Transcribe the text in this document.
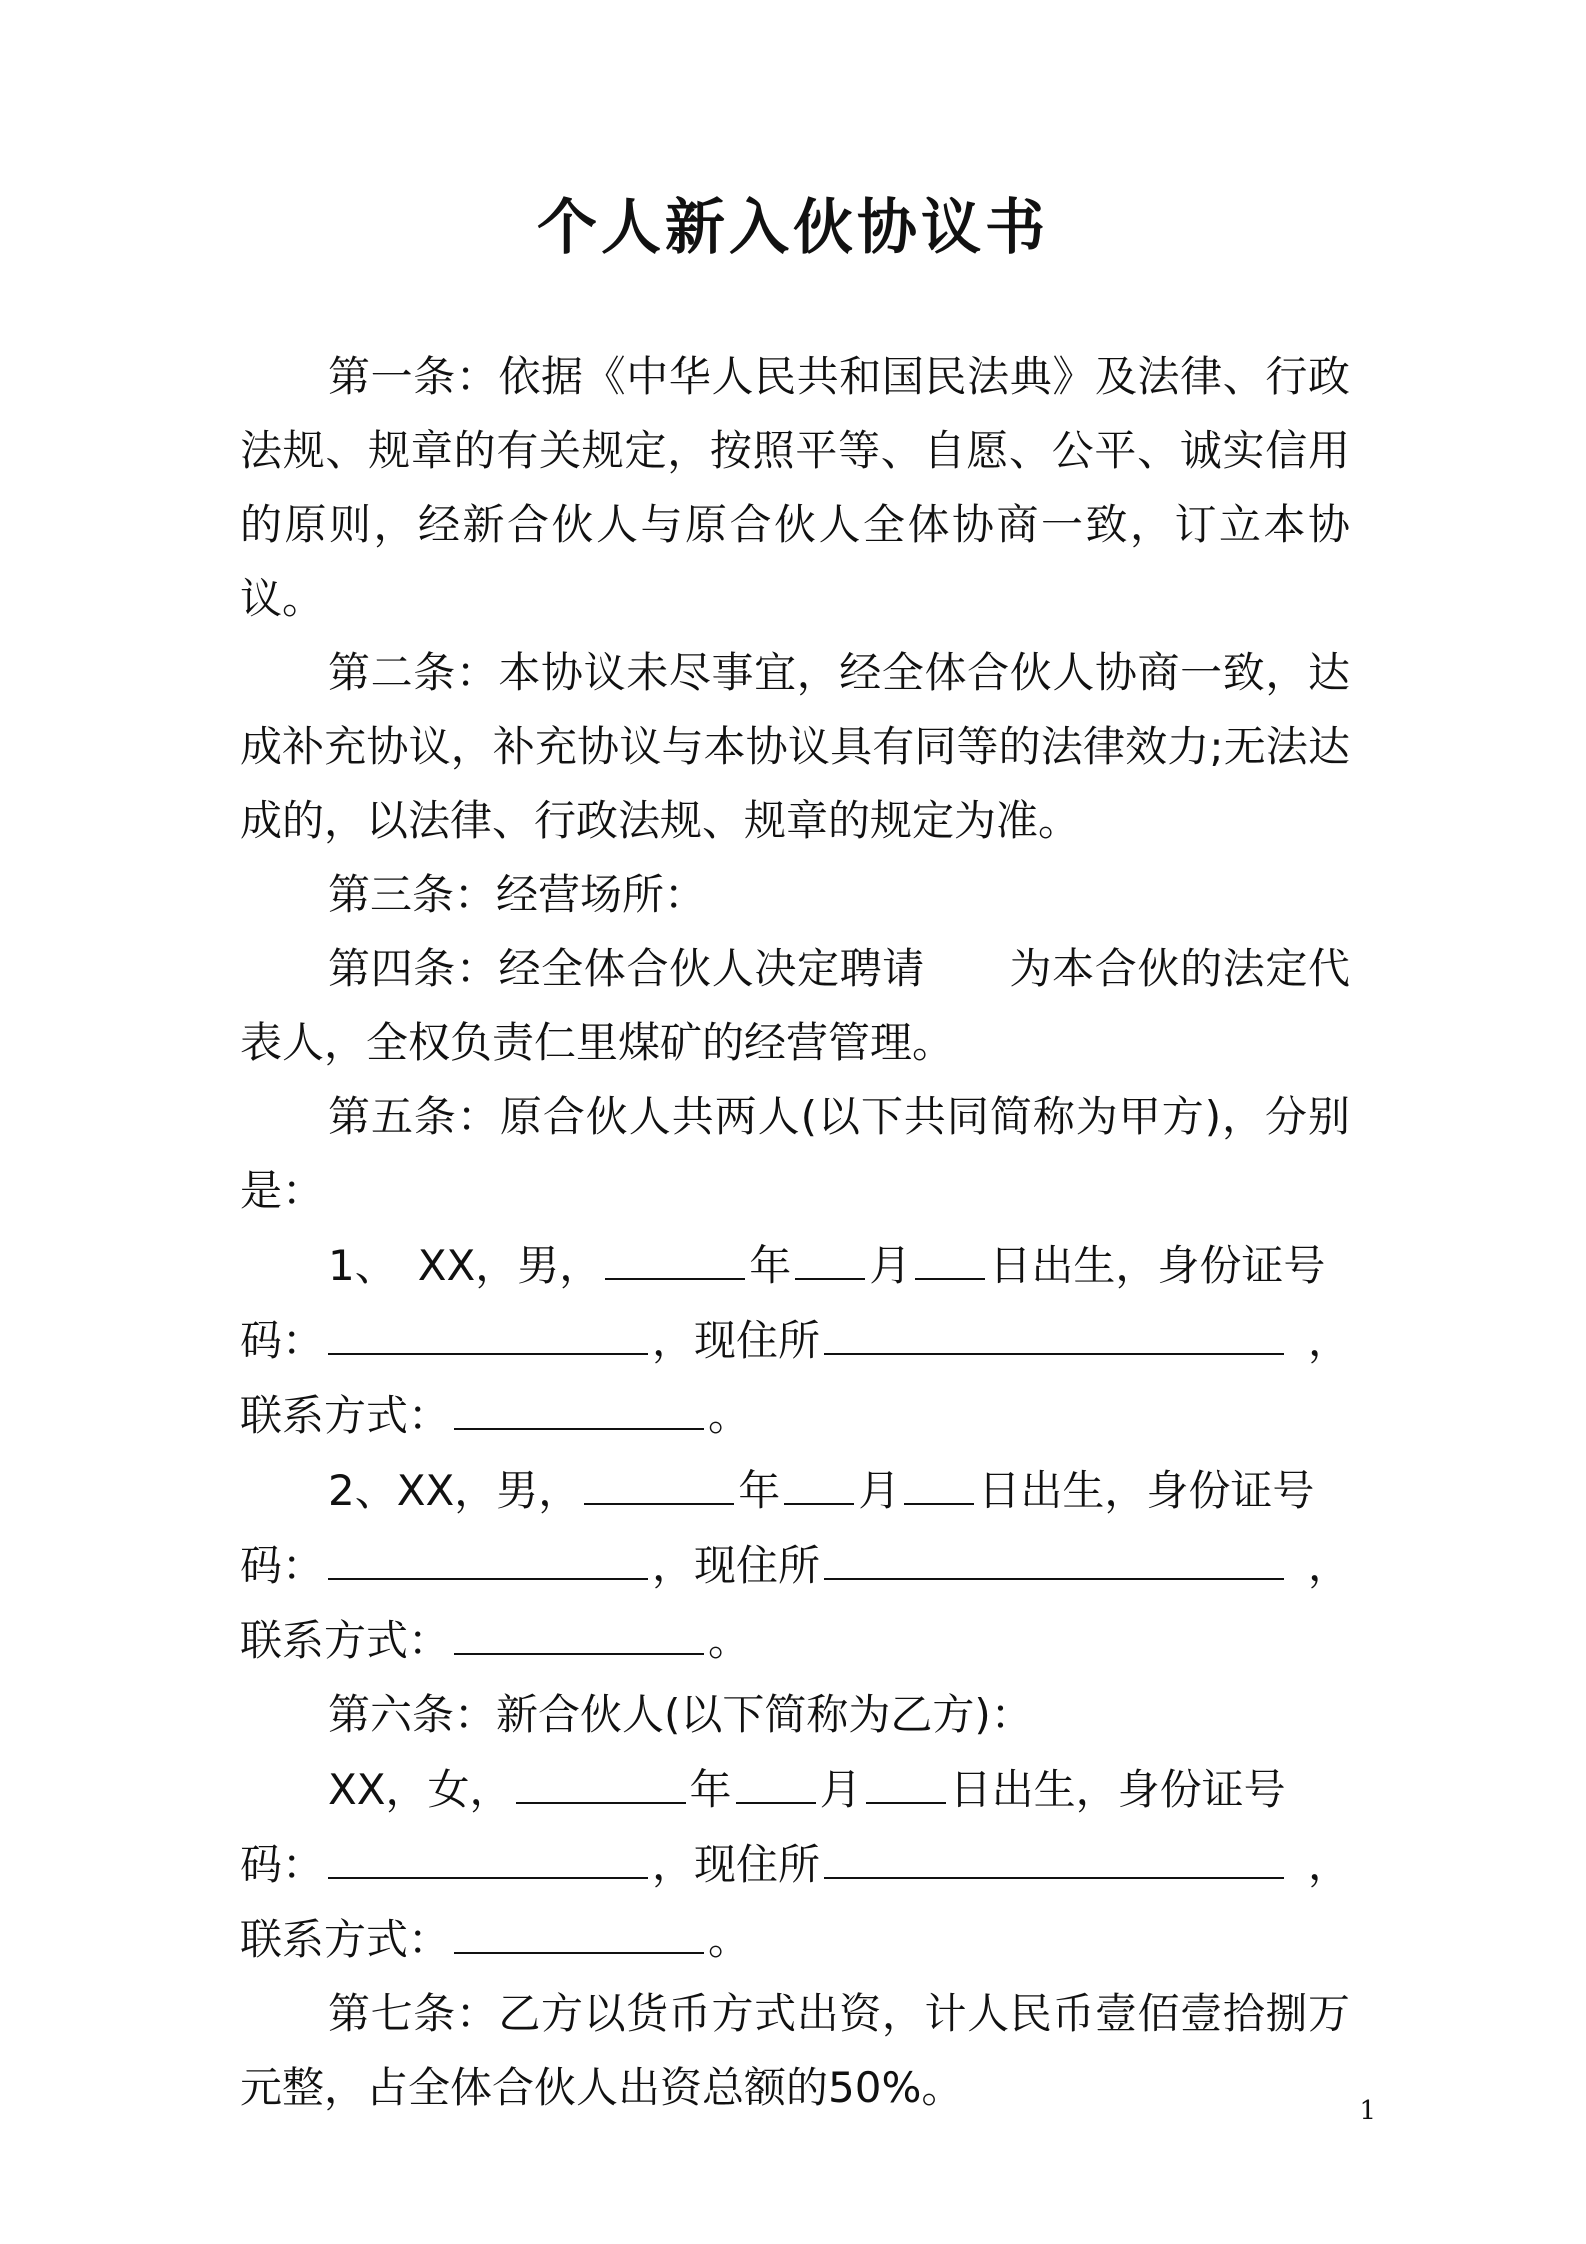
个人新入伙协议书

第一条：依据《中华人民共和国民法典》及法律、行政法规、规章的有关规定，按照平等、自愿、公平、诚实信用的原则，经新合伙人与原合伙人全体协商一致，订立本协议。

第二条：本协议未尽事宜，经全体合伙人协商一致，达成补充协议，补充协议与本协议具有同等的法律效力;无法达成的，以法律、行政法规、规章的规定为准。

第三条：经营场所：

第四条：经全体合伙人决定聘请 为本合伙的法定代表人，全权负责仁里煤矿的经营管理。

第五条：原合伙人共两人(以下共同简称为甲方)，分别是：

1、　XX，男，	年 月 日出生，身份证号
码：	，现住所	，
联系方式：	。
2、XX，男，	年 月 日出生，身份证号
码：	，现住所	，
联系方式：	。

第六条：新合伙人(以下简称为乙方)：

XX，女，	年 月 日出生，身份证号
码：	，现住所	，
联系方式：	。

第七条：乙方以货币方式出资，计人民币壹佰壹拾捌万元整，占全体合伙人出资总额的50%。	1
